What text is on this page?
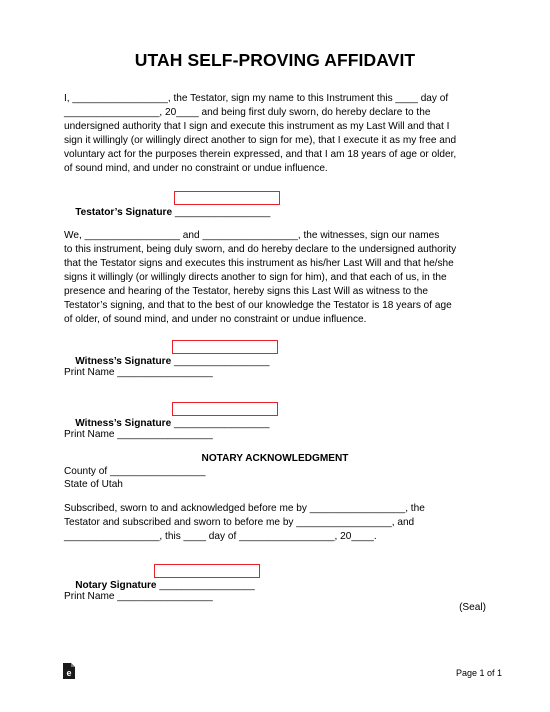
UTAH SELF-PROVING AFFIDAVIT
I, _________________, the Testator, sign my name to this Instrument this ____ day of
_________________, 20____ and being first duly sworn, do hereby declare to the
undersigned authority that I sign and execute this instrument as my Last Will and that I
sign it willingly (or willingly direct another to sign for me), that I execute it as my free and
voluntary act for the purposes therein expressed, and that I am 18 years of age or older,
of sound mind, and under no constraint or undue influence.

Testator’s Signature _________________

We, _________________ and _________________, the witnesses, sign our names
to this instrument, being duly sworn, and do hereby declare to the undersigned authority
that the Testator signs and executes this instrument as his/her Last Will and that he/she
signs it willingly (or willingly directs another to sign for him), and that each of us, in the
presence and hearing of the Testator, hereby signs this Last Will as witness to the
Testator’s signing, and that to the best of our knowledge the Testator is 18 years of age
of older, of sound mind, and under no constraint or undue influence.

Witness’s Signature _________________

Print Name _________________

Witness’s Signature _________________

Print Name _________________
NOTARY ACKNOWLEDGMENT
County of _________________
State of Utah
Subscribed, sworn to and acknowledged before me by _________________, the
Testator and subscribed and sworn to before me by _________________, and
_________________, this ____ day of _________________, 20____.

Notary Signature _________________

Print Name _________________
(Seal)
e	Page 1 of 1
